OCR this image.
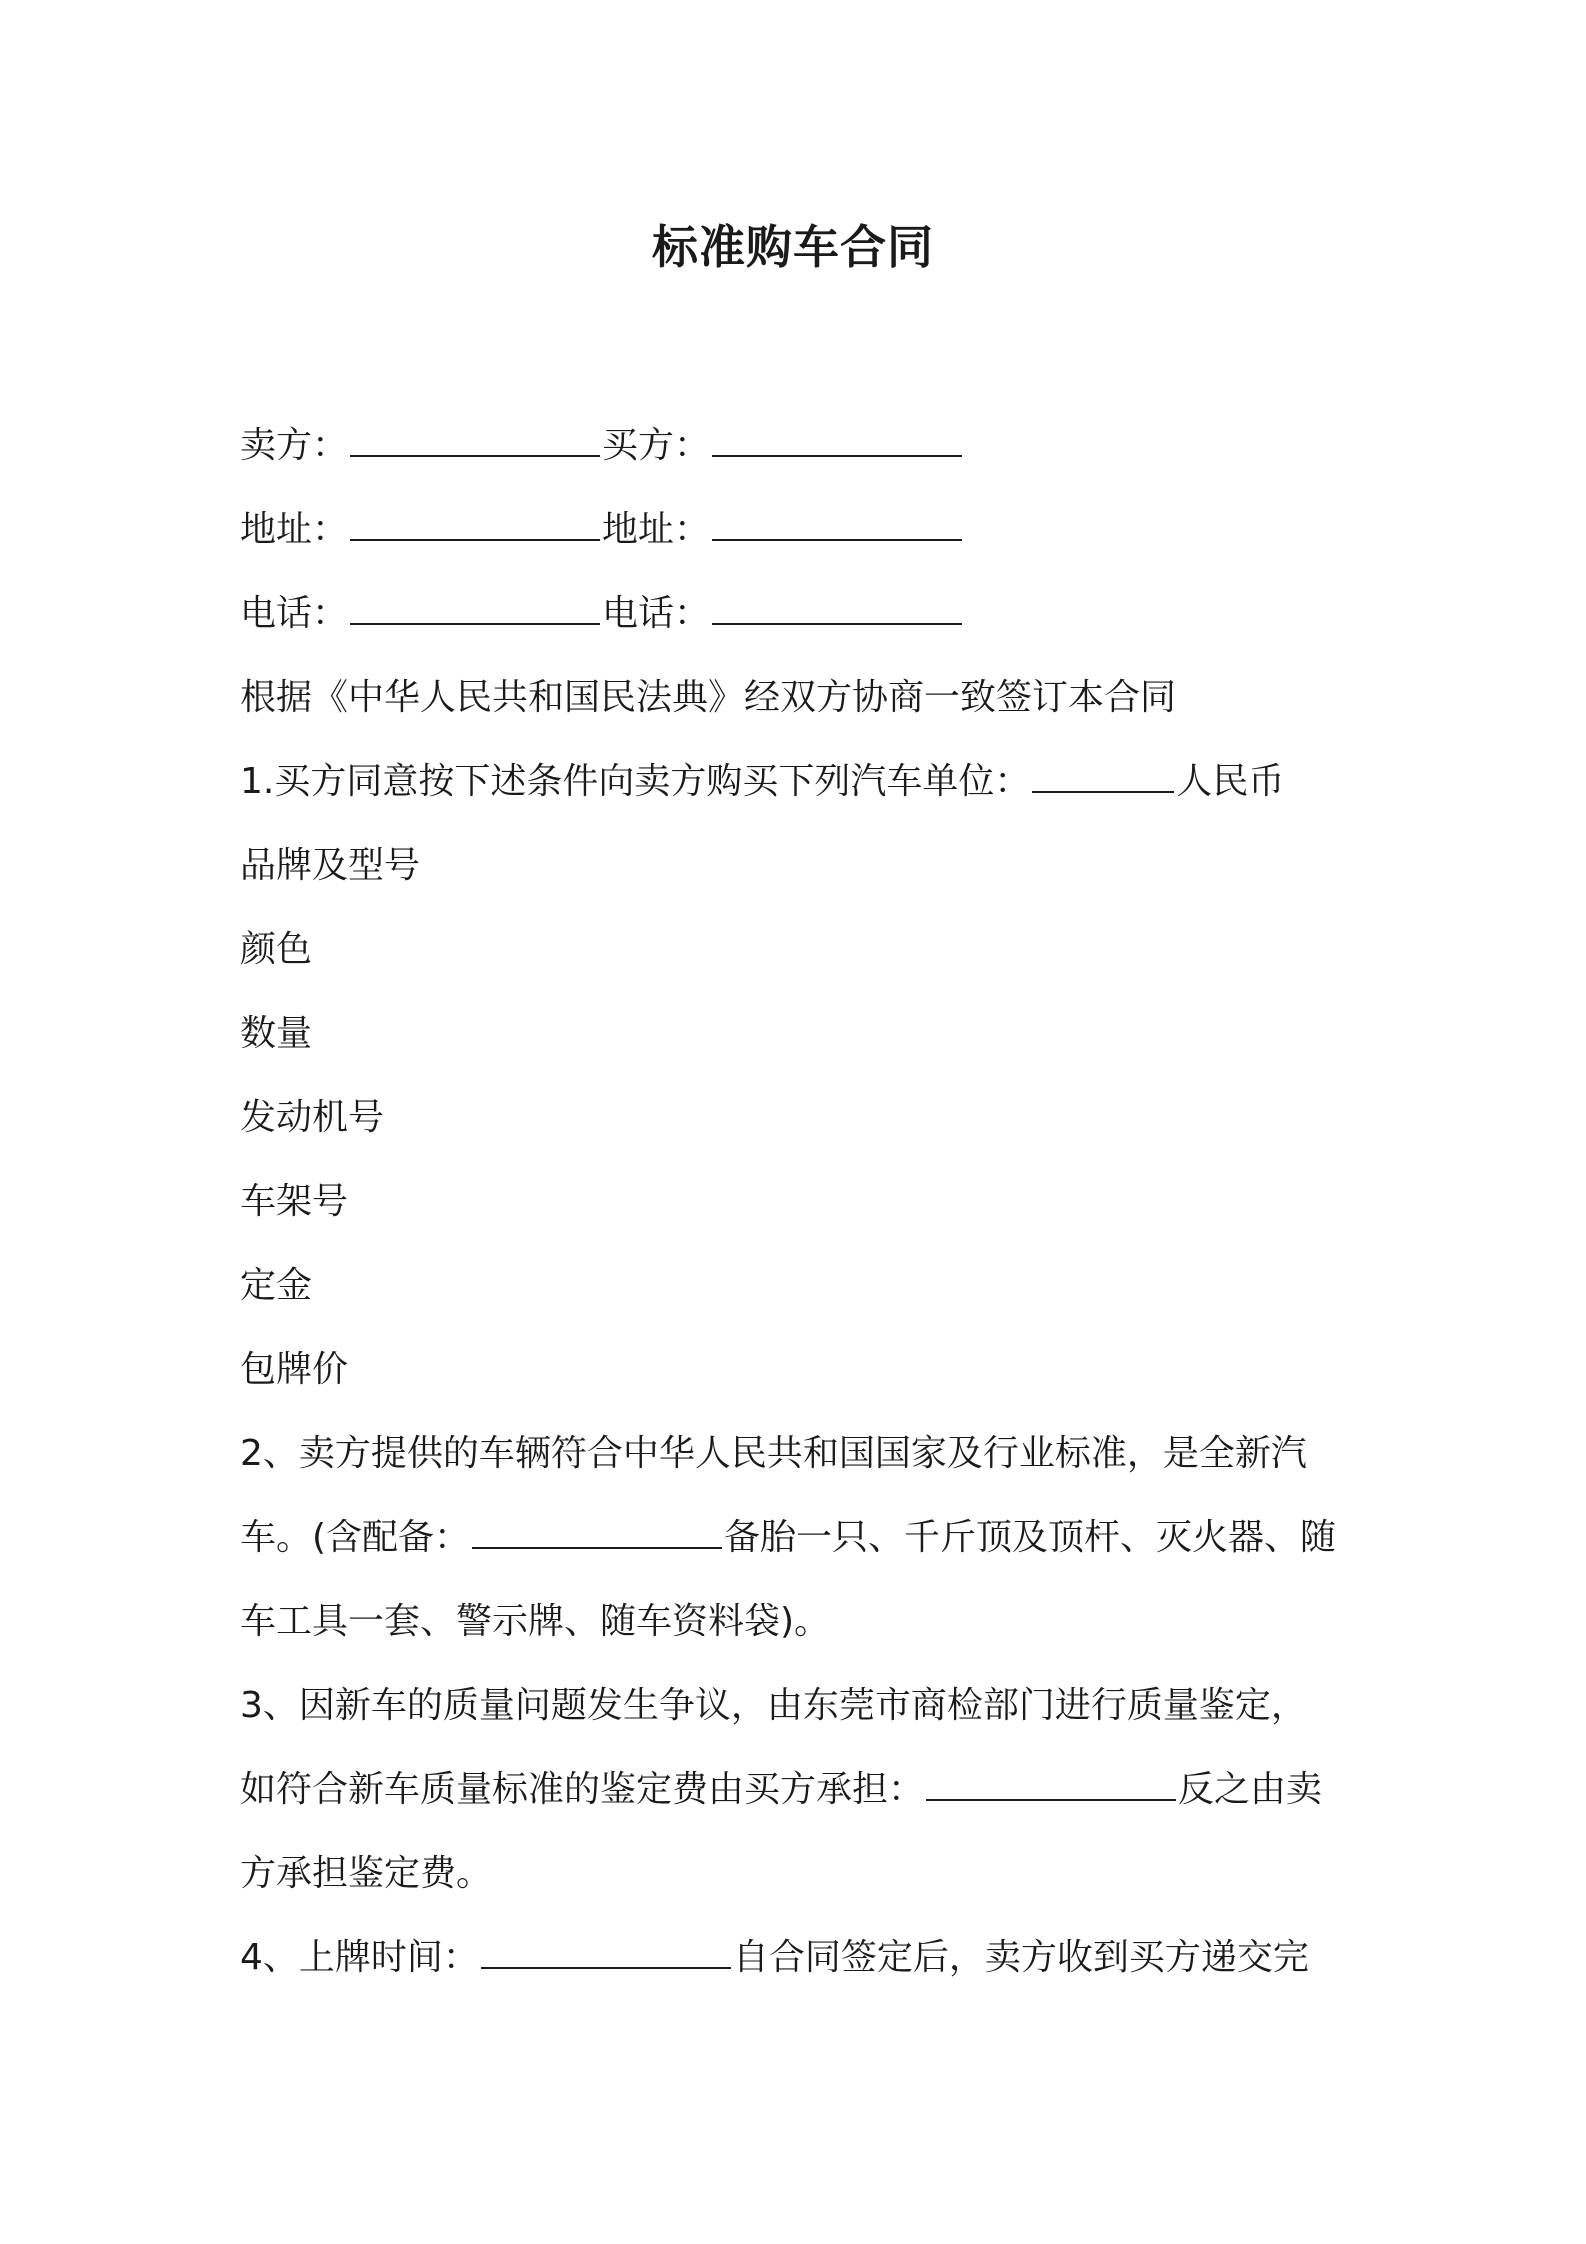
标准购车合同
卖方：	买方：
地址：	地址：
电话：	电话：
根据《中华人民共和国民法典》经双方协商一致签订本合同
1.买方同意按下述条件向卖方购买下列汽车单位：	人民币
品牌及型号
颜色
数量
发动机号
车架号
定金
包牌价
2、卖方提供的车辆符合中华人民共和国国家及行业标准，是全新汽
车。(含配备：	备胎一只、千斤顶及顶杆、灭火器、随
车工具一套、警示牌、随车资料袋)。
3、因新车的质量问题发生争议，由东莞市商检部门进行质量鉴定，
如符合新车质量标准的鉴定费由买方承担：	反之由卖
方承担鉴定费。
4、上牌时间：	自合同签定后，卖方收到买方递交完
